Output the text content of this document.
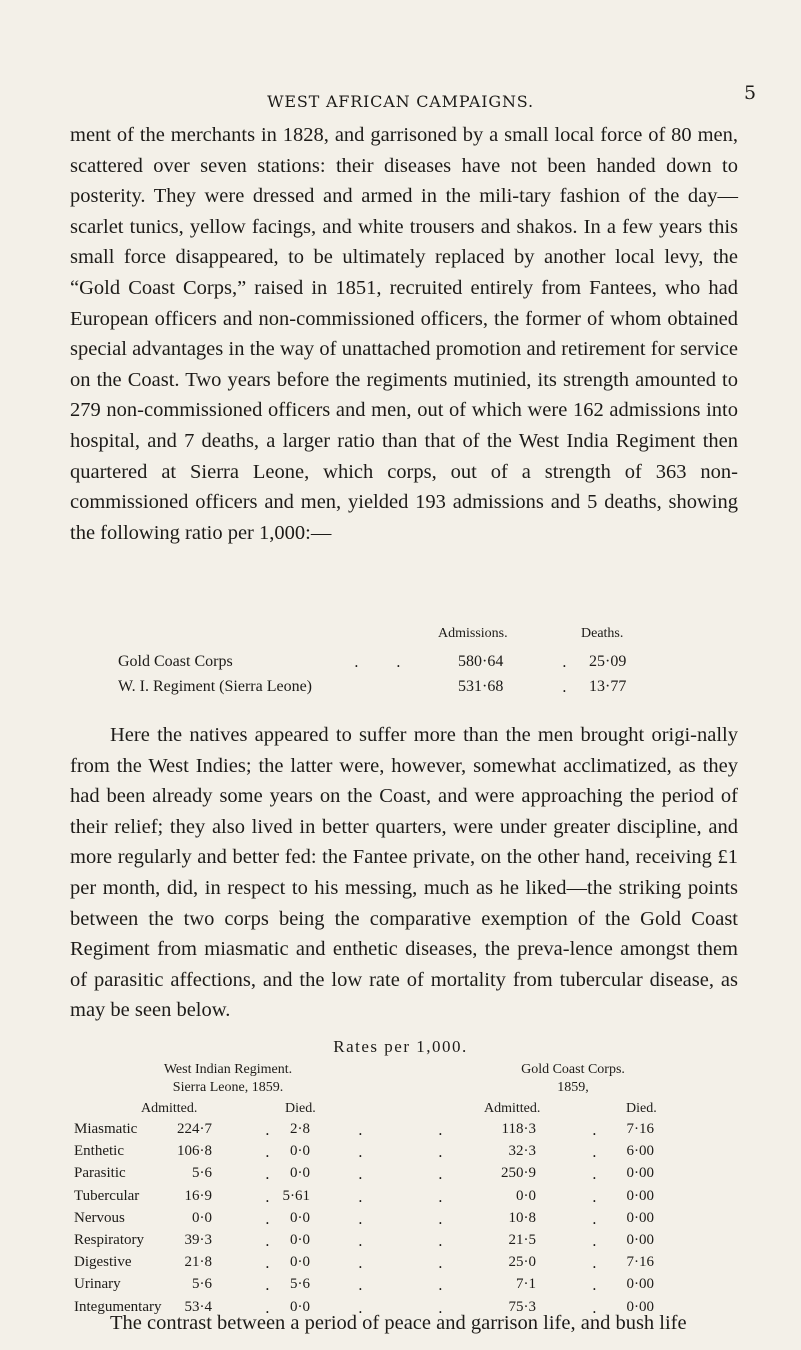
WEST AFRICAN CAMPAIGNS.	5

ment of the merchants in 1828, and garrisoned by a small local force of 80 men, scattered over seven stations: their diseases have not been handed down to posterity. They were dressed and armed in the mili-tary fashion of the day—scarlet tunics, yellow facings, and white trousers and shakos. In a few years this small force disappeared, to be ultimately replaced by another local levy, the “Gold Coast Corps,” raised in 1851, recruited entirely from Fantees, who had European officers and non-commissioned officers, the former of whom obtained special advantages in the way of unattached promotion and retirement for service on the Coast. Two years before the regiments mutinied, its strength amounted to 279 non-commissioned officers and men, out of which were 162 admissions into hospital, and 7 deaths, a larger ratio than that of the West India Regiment then quartered at Sierra Leone, which corps, out of a strength of 363 non-commissioned officers and men, yielded 193 admissions and 5 deaths, showing the following ratio per 1,000:—

Admissions.	Deaths.
Gold Coast Corps	. .	580·64	. 25·09
W. I. Regiment (Sierra Leone)	531·68	. 13·77

Here the natives appeared to suffer more than the men brought origi-nally from the West Indies; the latter were, however, somewhat acclimatized, as they had been already some years on the Coast, and were approaching the period of their relief; they also lived in better quarters, were under greater discipline, and more regularly and better fed: the Fantee private, on the other hand, receiving £1 per month, did, in respect to his messing, much as he liked—the striking points between the two corps being the comparative exemption of the Gold Coast Regiment from miasmatic and enthetic diseases, the preva-lence amongst them of parasitic affections, and the low rate of mortality from tubercular disease, as may be seen below.

Rates per 1,000.
West Indian Regiment.
Sierra Leone, 1859.
Gold Coast Corps.
1859,
Admitted.	Died.	Admitted.	Died.
Miasmatic	224·7	.	2·8	.	.	118·3	.	7·16
Enthetic	106·8	.	0·0	.	.	32·3	.	6·00
Parasitic	5·6	.	0·0	.	.	250·9	.	0·00
Tubercular	16·9	. 5·61	.	.	0·0	.	0·00
Nervous	0·0	.	0·0	.	.	10·8	.	0·00
Respiratory	39·3	.	0·0	.	.	21·5	.	0·00
Digestive	21·8	.	0·0	.	.	25·0	.	7·16
Urinary	5·6	.	5·6	.	.	7·1	.	0·00
Integumentary	53·4	.	0·0	.	.	75·3	.	0·00

The contrast between a period of peace and garrison life, and bush life
